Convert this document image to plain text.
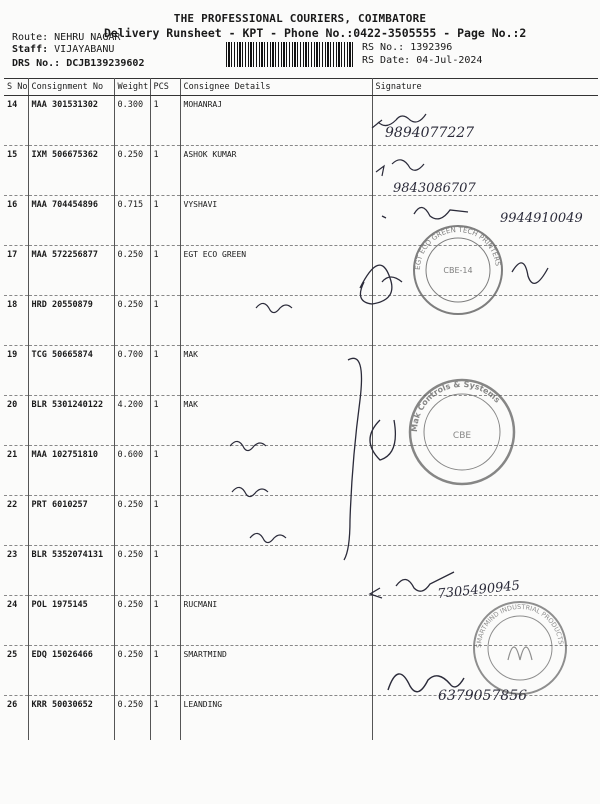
THE PROFESSIONAL COURIERS, COIMBATORE
Delivery Runsheet - KPT - Phone No.:0422-3505555 - Page No.:2
Route: NEHRU NAGAR
Staff: VIJAYABANU
DRS No.: DCJB139239602
RS No.: 1392396
RS Date: 04-Jul-2024
S No	Consignment No	Weight	PCS	Consignee Details	Signature
14	MAA 301531302	0.300	1	MOHANRAJ	
15	IXM 506675362	0.250	1	ASHOK KUMAR	
16	MAA 704454896	0.715	1	VYSHAVI	
17	MAA 572256877	0.250	1	EGT ECO GREEN	
18	HRD 20550879	0.250	1		
19	TCG 50665874	0.700	1	MAK	
20	BLR 5301240122	4.200	1	MAK	
21	MAA 102751810	0.600	1		
22	PRT 6010257	0.250	1		
23	BLR 5352074131	0.250	1		
24	POL 1975145	0.250	1	RUCMANI	
25	EDQ 15026466	0.250	1	SMARTMIND	
26	KRR 50030652	0.250	1	LEANDING	
9894077227
9843086707
9944910049
7305490945
6379057856
EGT ECO GREEN TECH PRINTERS
CBE-14
Mak Controls & Systems
CBE
SMARTMIND INDUSTRIAL PRODUCTS
